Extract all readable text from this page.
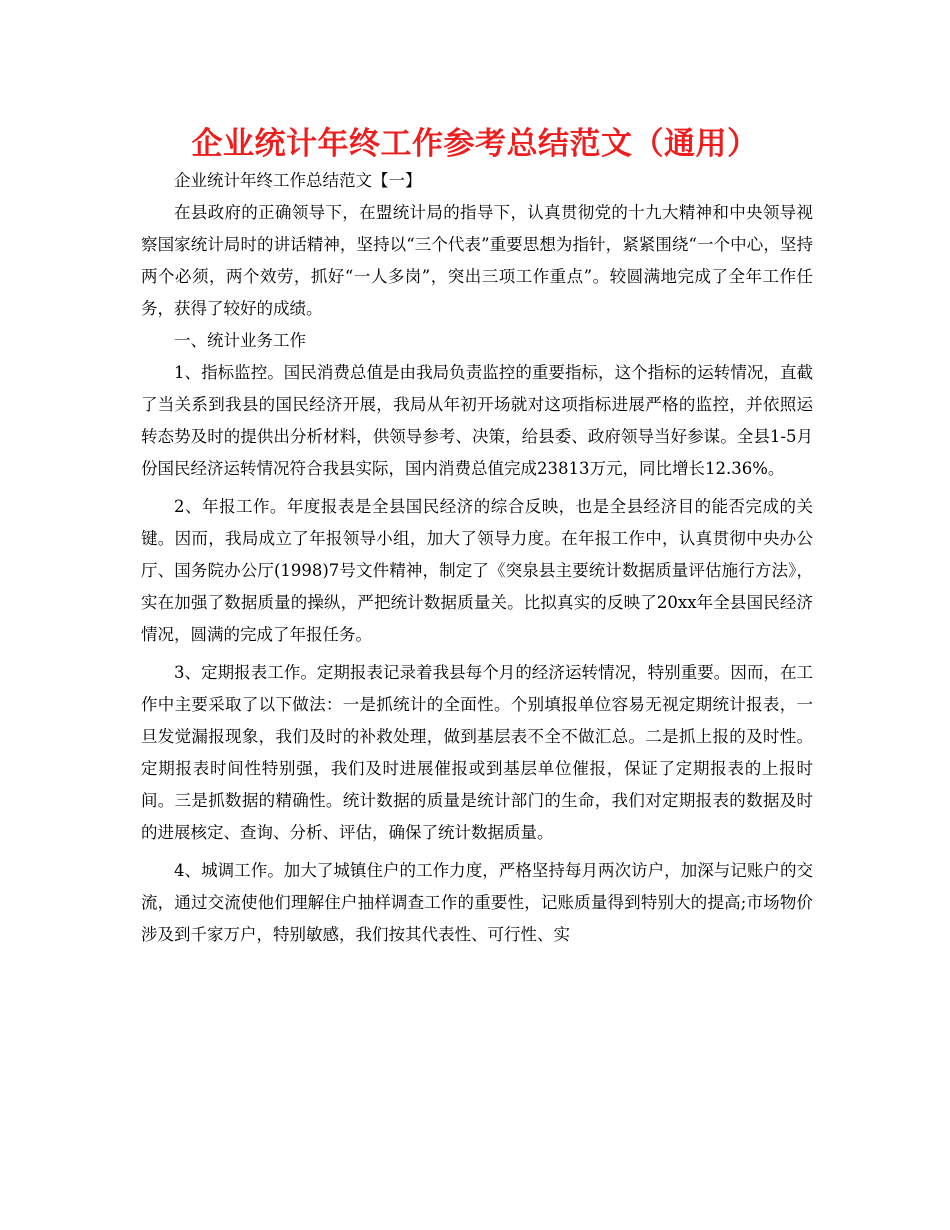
企业统计年终工作参考总结范文（通用）

企业统计年终工作总结范文【一】

在县政府的正确领导下，在盟统计局的指导下，认真贯彻党的十九大精神和中央领导视察国家统计局时的讲话精神，坚持以“三个代表”重要思想为指针，紧紧围绕“一个中心，坚持两个必须，两个效劳，抓好“一人多岗”，突出三项工作重点”。较圆满地完成了全年工作任务，获得了较好的成绩。

一、统计业务工作

1、指标监控。国民消费总值是由我局负责监控的重要指标，这个指标的运转情况，直截了当关系到我县的国民经济开展，我局从年初开场就对这项指标进展严格的监控，并依照运转态势及时的提供出分析材料，供领导参考、决策，给县委、政府领导当好参谋。全县1-5月份国民经济运转情况符合我县实际，国内消费总值完成23813万元，同比增长12.36%。

2、年报工作。年度报表是全县国民经济的综合反映，也是全县经济目的能否完成的关键。因而，我局成立了年报领导小组，加大了领导力度。在年报工作中，认真贯彻中央办公厅、国务院办公厅(1998)7号文件精神，制定了《突泉县主要统计数据质量评估施行方法》，实在加强了数据质量的操纵，严把统计数据质量关。比拟真实的反映了20xx年全县国民经济情况，圆满的完成了年报任务。

3、定期报表工作。定期报表记录着我县每个月的经济运转情况，特别重要。因而，在工作中主要采取了以下做法：一是抓统计的全面性。个别填报单位容易无视定期统计报表，一旦发觉漏报现象，我们及时的补救处理，做到基层表不全不做汇总。二是抓上报的及时性。定期报表时间性特别强，我们及时进展催报或到基层单位催报，保证了定期报表的上报时间。三是抓数据的精确性。统计数据的质量是统计部门的生命，我们对定期报表的数据及时的进展核定、查询、分析、评估，确保了统计数据质量。

4、城调工作。加大了城镇住户的工作力度，严格坚持每月两次访户，加深与记账户的交流，通过交流使他们理解住户抽样调查工作的重要性，记账质量得到特别大的提高;市场物价涉及到千家万户，特别敏感，我们按其代表性、可行性、实
